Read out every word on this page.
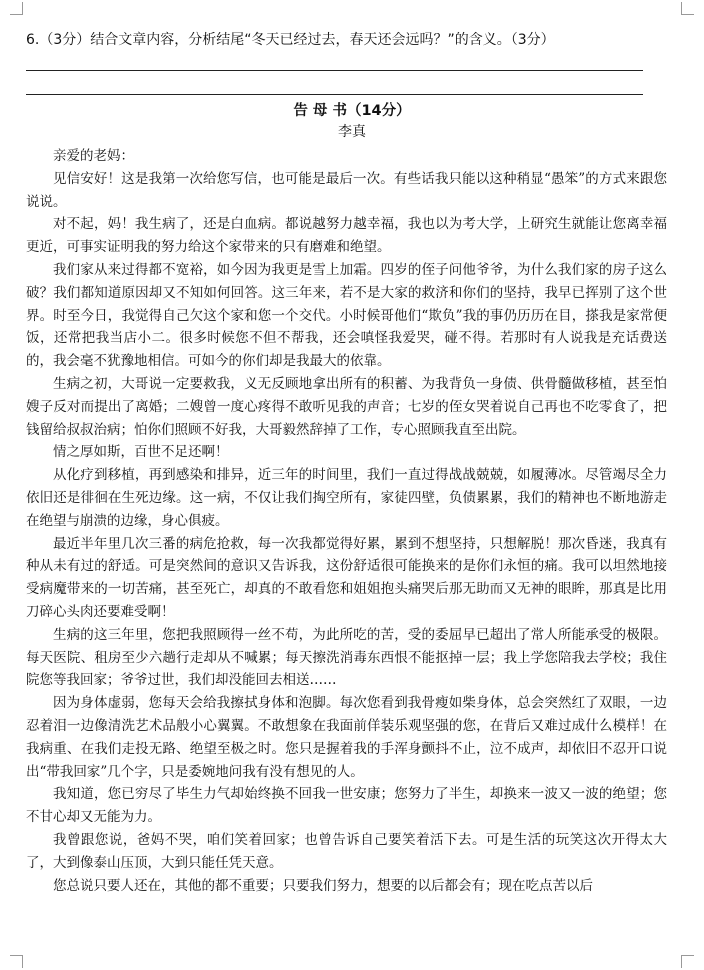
6.（3分）结合文章内容，分析结尾“冬天已经过去，春天还会远吗？”的含义。（3分）
告 母 书（14分）
李真

亲爱的老妈：

见信安好！这是我第一次给您写信，也可能是最后一次。有些话我只能以这种稍显“愚笨”的方式来跟您说说。

对不起，妈！我生病了，还是白血病。都说越努力越幸福，我也以为考大学，上研究生就能让您离幸福更近，可事实证明我的努力给这个家带来的只有磨难和绝望。

我们家从来过得都不宽裕，如今因为我更是雪上加霜。四岁的侄子问他爷爷，为什么我们家的房子这么破？我们都知道原因却又不知如何回答。这三年来，若不是大家的救济和你们的坚持，我早已挥别了这个世界。时至今日，我觉得自己欠这个家和您一个交代。小时候哥他们“欺负”我的事仍历历在目，搽我是家常便饭，还常把我当店小二。很多时候您不但不帮我，还会嗔怪我爱哭，碰不得。若那时有人说我是充话费送的，我会毫不犹豫地相信。可如今的你们却是我最大的依靠。

生病之初，大哥说一定要救我，义无反顾地拿出所有的积蓄、为我背负一身债、供骨髓做移植，甚至怕嫂子反对而提出了离婚；二嫂曾一度心疼得不敢听见我的声音；七岁的侄女哭着说自己再也不吃零食了，把钱留给叔叔治病；怕你们照顾不好我，大哥毅然辞掉了工作，专心照顾我直至出院。

情之厚如斯，百世不足还啊！

从化疗到移植，再到感染和排异，近三年的时间里，我们一直过得战战兢兢，如履薄冰。尽管竭尽全力依旧还是徘徊在生死边缘。这一病，不仅让我们掏空所有，家徒四壁，负债累累，我们的精神也不断地游走在绝望与崩溃的边缘，身心俱疲。

最近半年里几次三番的病危抢救，每一次我都觉得好累，累到不想坚持，只想解脱！那次昏迷，我真有种从未有过的舒适。可是突然间的意识又告诉我，这份舒适很可能换来的是你们永恒的痛。我可以坦然地接受病魔带来的一切苦痛，甚至死亡，却真的不敢看您和姐姐抱头痛哭后那无助而又无神的眼眸，那真是比用刀碎心头肉还要难受啊！

生病的这三年里，您把我照顾得一丝不苟，为此所吃的苦，受的委屈早已超出了常人所能承受的极限。每天医院、租房至少六趟行走却从不喊累；每天擦洗消毒东西恨不能抠掉一层；我上学您陪我去学校；我住院您等我回家；爷爷过世，我们却没能回去相送……

因为身体虚弱，您每天会给我擦拭身体和泡脚。每次您看到我骨瘦如柴身体，总会突然红了双眼，一边忍着泪一边像清洗艺术品般小心翼翼。不敢想象在我面前佯装乐观坚强的您，在背后又难过成什么模样！在我病重、在我们走投无路、绝望至极之时。您只是握着我的手浑身颤抖不止，泣不成声，却依旧不忍开口说出“带我回家”几个字，只是委婉地问我有没有想见的人。

我知道，您已穷尽了毕生力气却始终换不回我一世安康；您努力了半生，却换来一波又一波的绝望；您不甘心却又无能为力。

我曾跟您说，爸妈不哭，咱们笑着回家；也曾告诉自己要笑着活下去。可是生活的玩笑这次开得太大了，大到像泰山压顶，大到只能任凭天意。

您总说只要人还在，其他的都不重要；只要我们努力，想要的以后都会有；现在吃点苦以后
